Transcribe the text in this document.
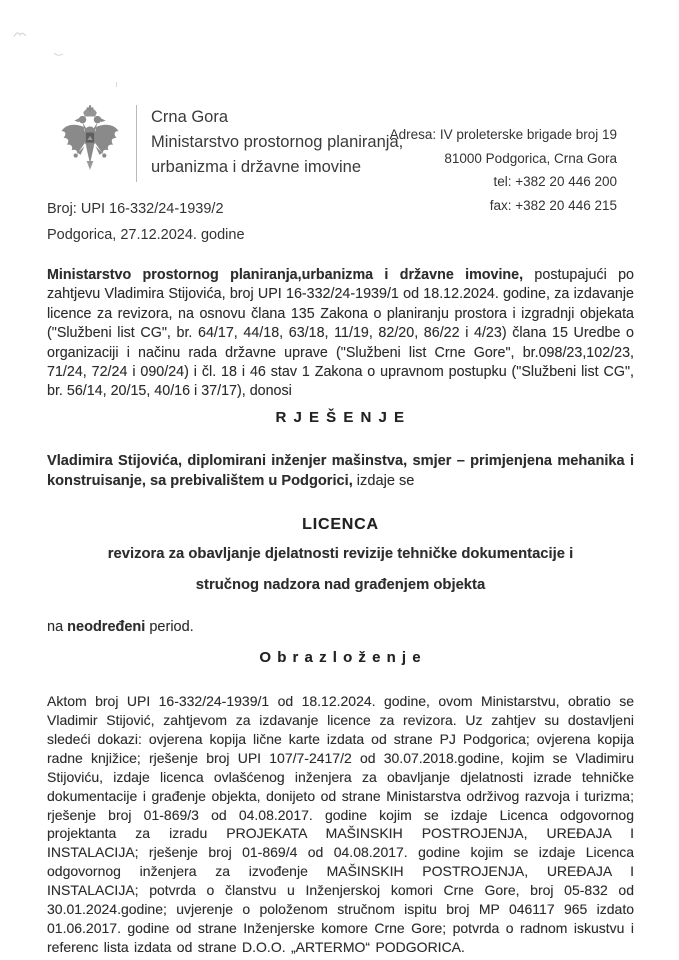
Crna Gora
Ministarstvo prostornog planiranja,
urbanizma i državne imovine
Adresa: IV proleterske brigade broj 19
81000 Podgorica, Crna Gora
tel: +382 20 446 200
fax: +382 20 446 215
Broj: UPI 16-332/24-1939/2
Podgorica, 27.12.2024. godine

Ministarstvo prostornog planiranja,urbanizma i državne imovine, postupajući po zahtjevu Vladimira Stijovića, broj UPI 16-332/24-1939/1 od 18.12.2024. godine, za izdavanje licence za revizora, na osnovu člana 135 Zakona o planiranju prostora i izgradnji objekata ("Službeni list CG", br. 64/17, 44/18, 63/18, 11/19, 82/20, 86/22 i 4/23) člana 15 Uredbe o organizaciji i načinu rada državne uprave ("Službeni list Crne Gore", br.098/23,102/23, 71/24, 72/24 i 090/24) i čl. 18 i 46 stav 1 Zakona o upravnom postupku ("Službeni list CG", br. 56/14, 20/15, 40/16 i 37/17), donosi

R J E Š E N J E

Vladimira Stijovića, diplomirani inženjer mašinstva, smjer – primjenjena mehanika i konstruisanje, sa prebivalištem u Podgorici, izdaje se

LICENCA

revizora za obavljanje djelatnosti revizije tehničke dokumentacije i

stručnog nadzora nad građenjem objekta

na neodređeni period.

O b r a z l o ž e n j e

Aktom broj UPI 16-332/24-1939/1 od 18.12.2024. godine, ovom Ministarstvu, obratio se Vladimir Stijović, zahtjevom za izdavanje licence za revizora. Uz zahtjev su dostavljeni sledeći dokazi: ovjerena kopija lične karte izdata od strane PJ Podgorica; ovjerena kopija radne knjižice; rješenje broj UPI 107/7-2417/2 od 30.07.2018.godine, kojim se Vladimiru Stijoviću, izdaje licenca ovlašćenog inženjera za obavljanje djelatnosti izrade tehničke dokumentacije i građenje objekta, donijeto od strane Ministarstva održivog razvoja i turizma; rješenje broj 01-869/3 od 04.08.2017. godine kojim se izdaje Licenca odgovornog projektanta za izradu PROJEKATA MAŠINSKIH POSTROJENJA, UREĐAJA I INSTALACIJA; rješenje broj 01-869/4 od 04.08.2017. godine kojim se izdaje Licenca odgovornog inženjera za izvođenje MAŠINSKIH POSTROJENJA, UREĐAJA I INSTALACIJA; potvrda o članstvu u Inženjerskoj komori Crne Gore, broj 05-832 od 30.01.2024.godine; uvjerenje o položenom stručnom ispitu broj MP 046117 965 izdato 01.06.2017. godine od strane Inženjerske komore Crne Gore; potvrda o radnom iskustvu i referenc lista izdata od strane D.O.O. „ARTERMO“ PODGORICA.
